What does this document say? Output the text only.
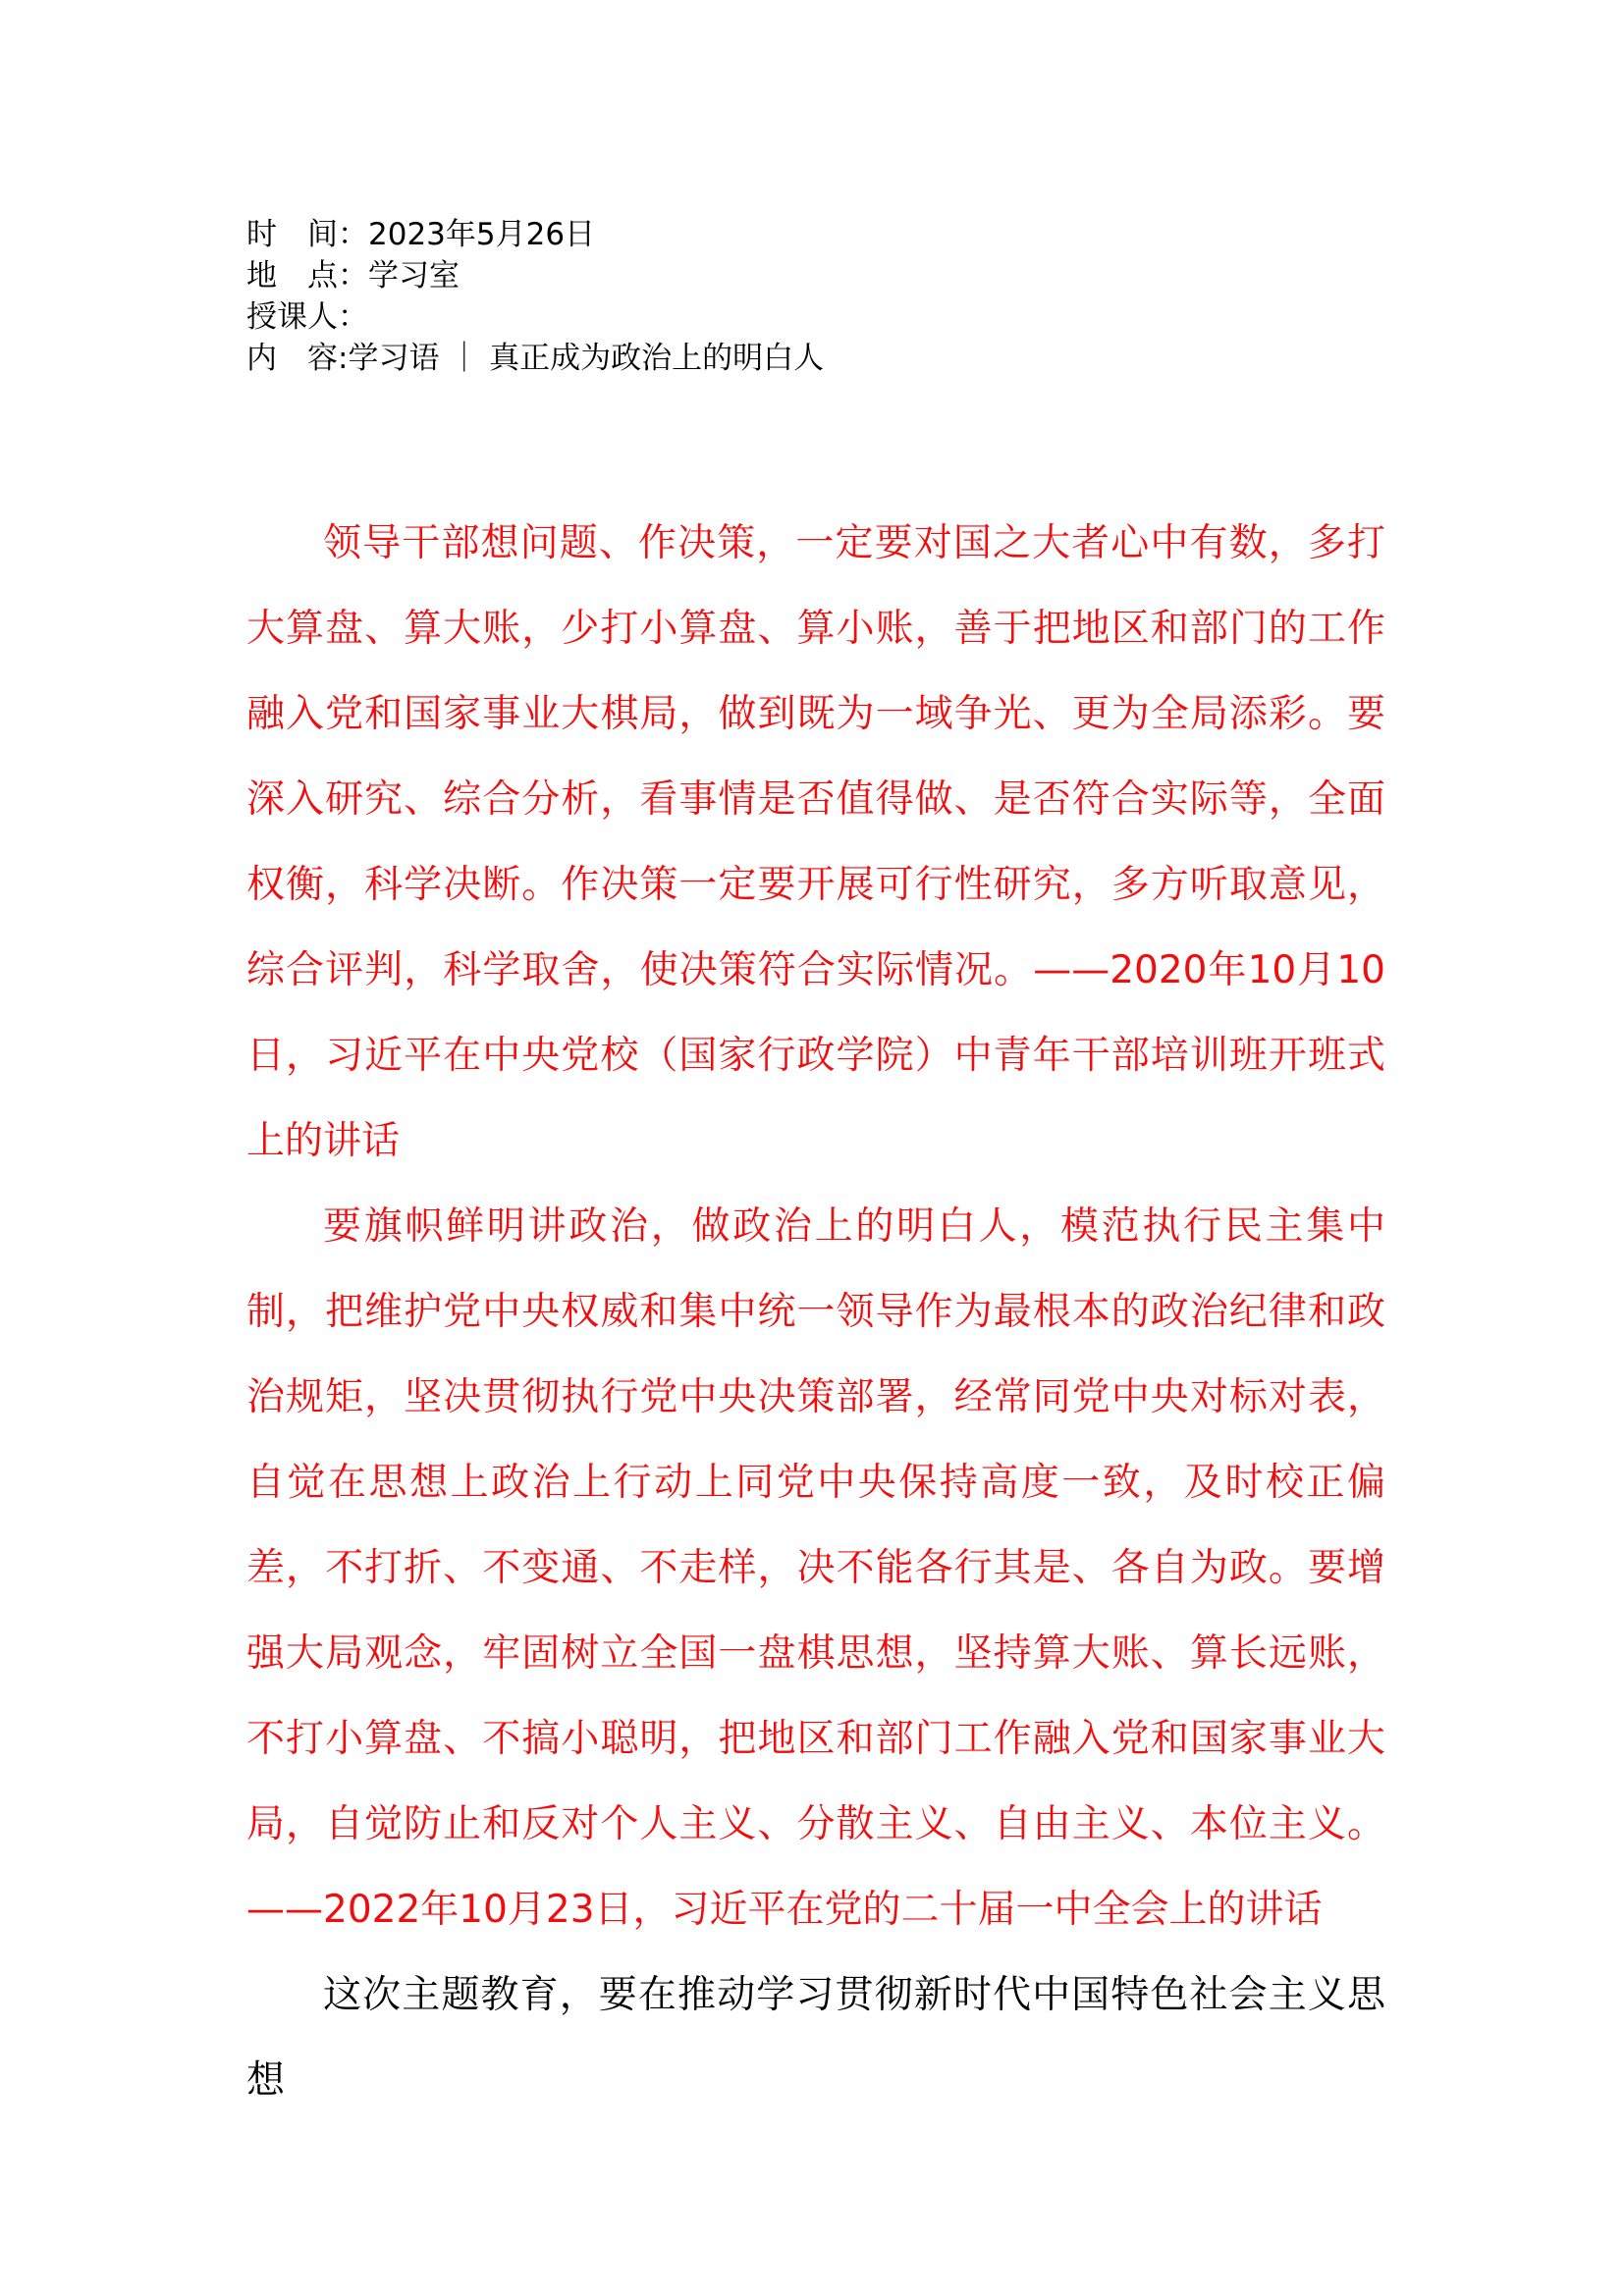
时　间：2023年5月26日
地　点：学习室
授课人：
内　容:学习语 ｜ 真正成为政治上的明白人

领导干部想问题、作决策，一定要对国之大者心中有数，多打大算盘、算大账，少打小算盘、算小账，善于把地区和部门的工作融入党和国家事业大棋局，做到既为一域争光、更为全局添彩。要深入研究、综合分析，看事情是否值得做、是否符合实际等，全面权衡，科学决断。作决策一定要开展可行性研究，多方听取意见，综合评判，科学取舍，使决策符合实际情况。——2020年10月10日，习近平在中央党校（国家行政学院）中青年干部培训班开班式上的讲话

要旗帜鲜明讲政治，做政治上的明白人，模范执行民主集中制，把维护党中央权威和集中统一领导作为最根本的政治纪律和政治规矩，坚决贯彻执行党中央决策部署，经常同党中央对标对表，自觉在思想上政治上行动上同党中央保持高度一致，及时校正偏差，不打折、不变通、不走样，决不能各行其是、各自为政。要增强大局观念，牢固树立全国一盘棋思想，坚持算大账、算长远账，不打小算盘、不搞小聪明，把地区和部门工作融入党和国家事业大局，自觉防止和反对个人主义、分散主义、自由主义、本位主义。——2022年10月23日，习近平在党的二十届一中全会上的讲话

这次主题教育，要在推动学习贯彻新时代中国特色社会主义思想
